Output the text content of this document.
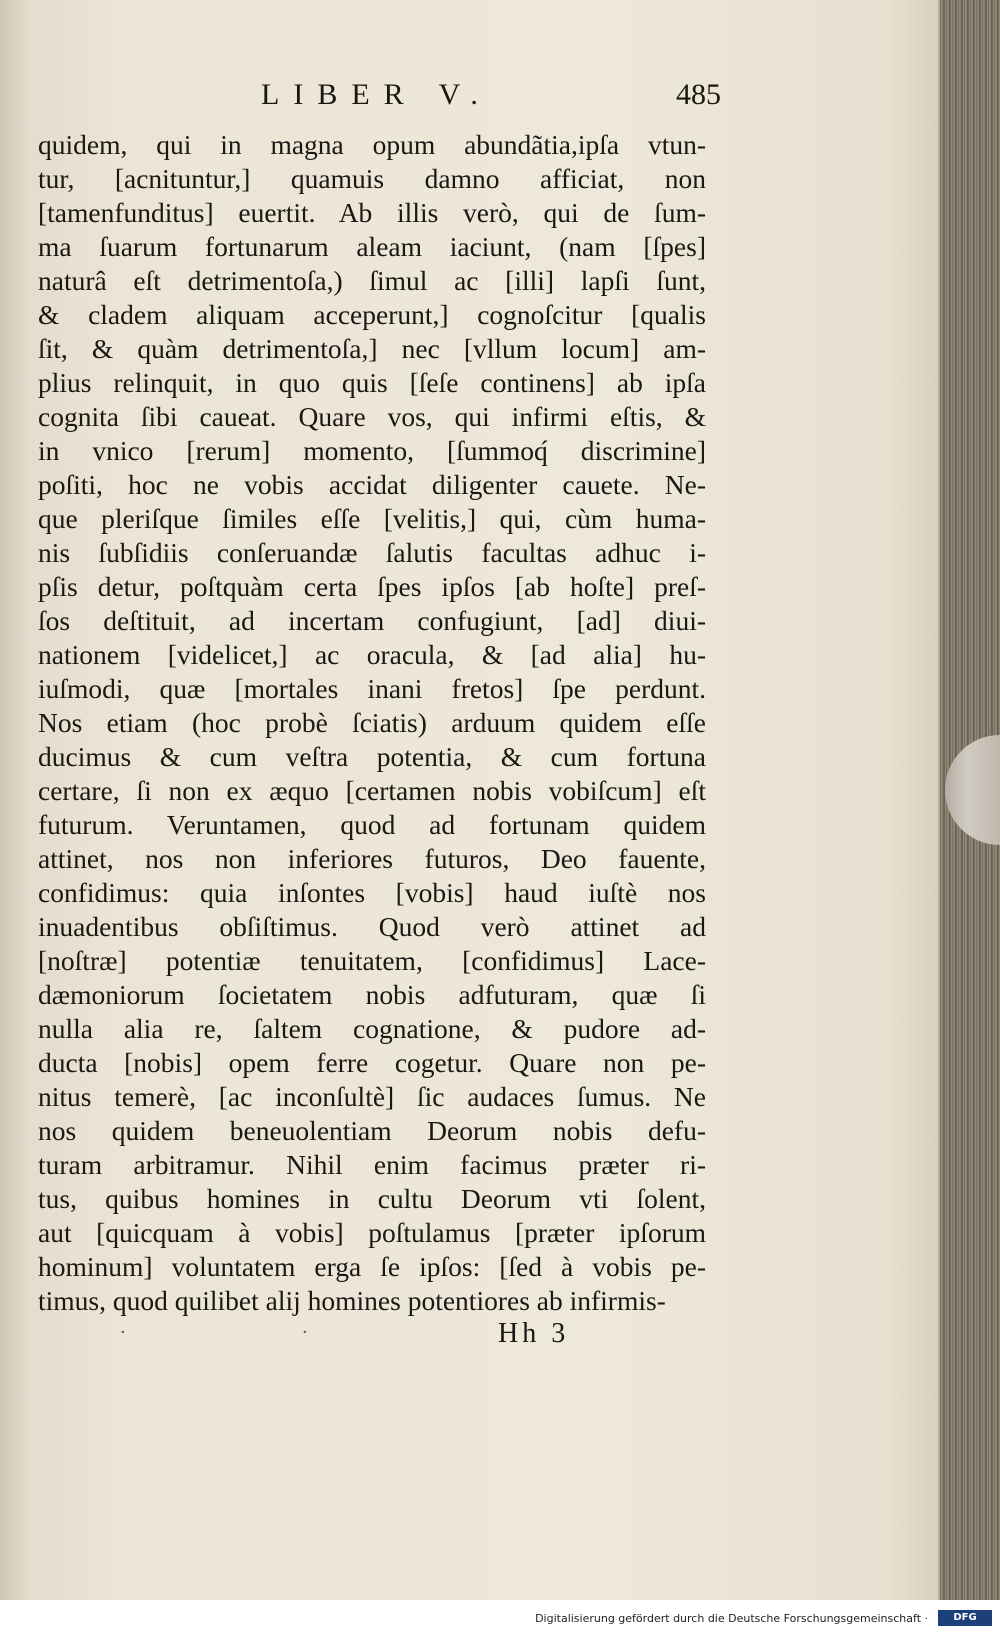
LIBER V.	485
quidem, qui in magna opum abundãtia,ipſa vtun-
tur, [acnituntur,] quamuis damno afficiat, non
[tamenfunditus] euertit. Ab illis verò, qui de ſum-
ma ſuarum fortunarum aleam iaciunt, (nam [ſpes]
naturâ eſt detrimentoſa,) ſimul ac [illi] lapſi ſunt,
& cladem aliquam acceperunt,] cognoſcitur [qualis
ſit, & quàm detrimentoſa,] nec [vllum locum] am-
plius relinquit, in quo quis [ſeſe continens] ab ipſa
cognita ſibi caueat. Quare vos, qui infirmi eſtis, &
in vnico [rerum] momento, [ſummoq́ discrimine]
poſiti, hoc ne vobis accidat diligenter cauete. Ne-
que pleriſque ſimiles eſſe [velitis,] qui, cùm huma-
nis ſubſidiis conſeruandæ ſalutis facultas adhuc i-
pſis detur, poſtquàm certa ſpes ipſos [ab hoſte] preſ-
ſos deſtituit, ad incertam confugiunt, [ad] diui-
nationem [videlicet,] ac oracula, & [ad alia] hu-
iuſmodi, quæ [mortales inani fretos] ſpe perdunt.
Nos etiam (hoc probè ſciatis) arduum quidem eſſe
ducimus & cum veſtra potentia, & cum fortuna
certare, ſi non ex æquo [certamen nobis vobiſcum] eſt
futurum. Veruntamen, quod ad fortunam quidem
attinet, nos non inferiores futuros, Deo fauente,
confidimus: quia inſontes [vobis] haud iuſtè nos
inuadentibus obſiſtimus. Quod verò attinet ad
[noſtræ] potentiæ tenuitatem, [confidimus] Lace-
dæmoniorum ſocietatem nobis adfuturam, quæ ſi
nulla alia re, ſaltem cognatione, & pudore ad-
ducta [nobis] opem ferre cogetur. Quare non pe-
nitus temerè, [ac inconſultè] ſic audaces ſumus. Ne
nos quidem beneuolentiam Deorum nobis defu-
turam arbitramur. Nihil enim facimus præter ri-
tus, quibus homines in cultu Deorum vti ſolent,
aut [quicquam à vobis] poſtulamus [præter ipſorum
hominum] voluntatem erga ſe ipſos: [ſed à vobis pe-
timus, quod quilibet alij homines potentiores ab infirmis-
·	·	Hh 3
Digitalisierung gefördert durch die Deutsche Forschungsgemeinschaft ·	DFG
